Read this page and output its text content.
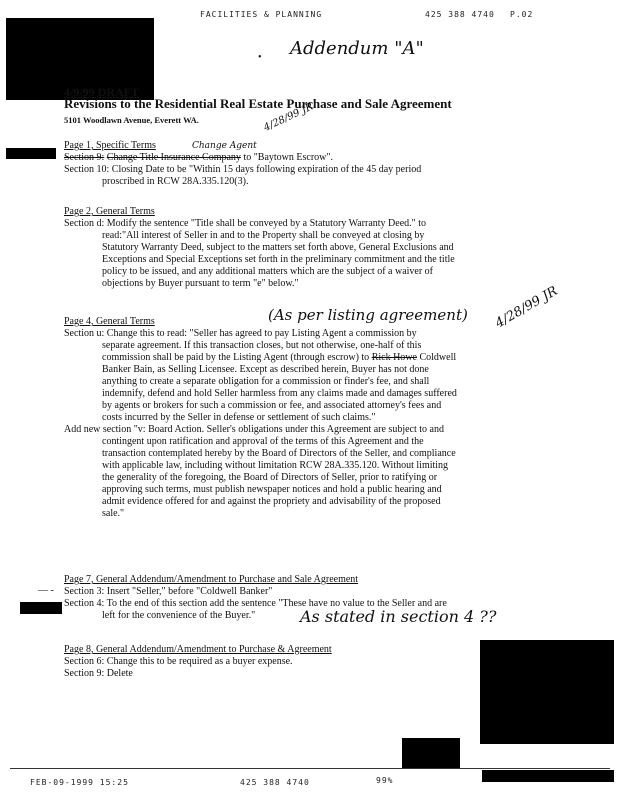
FACILITIES & PLANNING	425 388 4740 P.02
Addendum "A"
•
4/28/99 JR
Change Agent
(As per listing agreement) 4/28/99 JR
As stated in section 4 ??
4/9/99 DRAFT
Revisions to the Residential Real Estate Purchase and Sale Agreement
5101 Woodlawn Avenue, Everett WA.
Page 1, Specific Terms
Section 9: Change Title Insurance Company to "Baytown Escrow".
Section 10: Closing Date to be "Within 15 days following expiration of the 45 day period
proscribed in RCW 28A.335.120(3).
Page 2, General Terms
Section d: Modify the sentence "Title shall be conveyed by a Statutory Warranty Deed." to
read:"All interest of Seller in and to the Property shall be conveyed at closing by
Statutory Warranty Deed, subject to the matters set forth above, General Exclusions and
Exceptions and Special Exceptions set forth in the preliminary commitment and the title
policy to be issued, and any additional matters which are the subject of a waiver of
objections by Buyer pursuant to term "e" below."
Page 4, General Terms
Section u: Change this to read: "Seller has agreed to pay Listing Agent a commission by
separate agreement. If this transaction closes, but not otherwise, one-half of this
commission shall be paid by the Listing Agent (through escrow) to Rick Howe Coldwell
Banker Bain, as Selling Licensee. Except as described herein, Buyer has not done
anything to create a separate obligation for a commission or finder's fee, and shall
indemnify, defend and hold Seller harmless from any claims made and damages suffered
by agents or brokers for such a commission or fee, and associated attorney's fees and
costs incurred by the Seller in defense or settlement of such claims."
Add new section "v: Board Action. Seller's obligations under this Agreement are subject to and
contingent upon ratification and approval of the terms of this Agreement and the
transaction contemplated hereby by the Board of Directors of the Seller, and compliance
with applicable law, including without limitation RCW 28A.335.120. Without limiting
the generality of the foregoing, the Board of Directors of Seller, prior to ratifying or
approving such terms, must publish newspaper notices and hold a public hearing and
admit evidence offered for and against the propriety and advisability of the proposed
sale."
Page 7, General Addendum/Amendment to Purchase and Sale Agreement
— - Section 3: Insert "Seller," before "Coldwell Banker"
Section 4: To the end of this section add the sentence "These have no value to the Seller and are
left for the convenience of the Buyer."
Page 8, General Addendum/Amendment to Purchase & Agreement
Section 6: Change this to be required as a buyer expense.
Section 9: Delete
FEB-09-1999 15:25	425 388 4740	99%
